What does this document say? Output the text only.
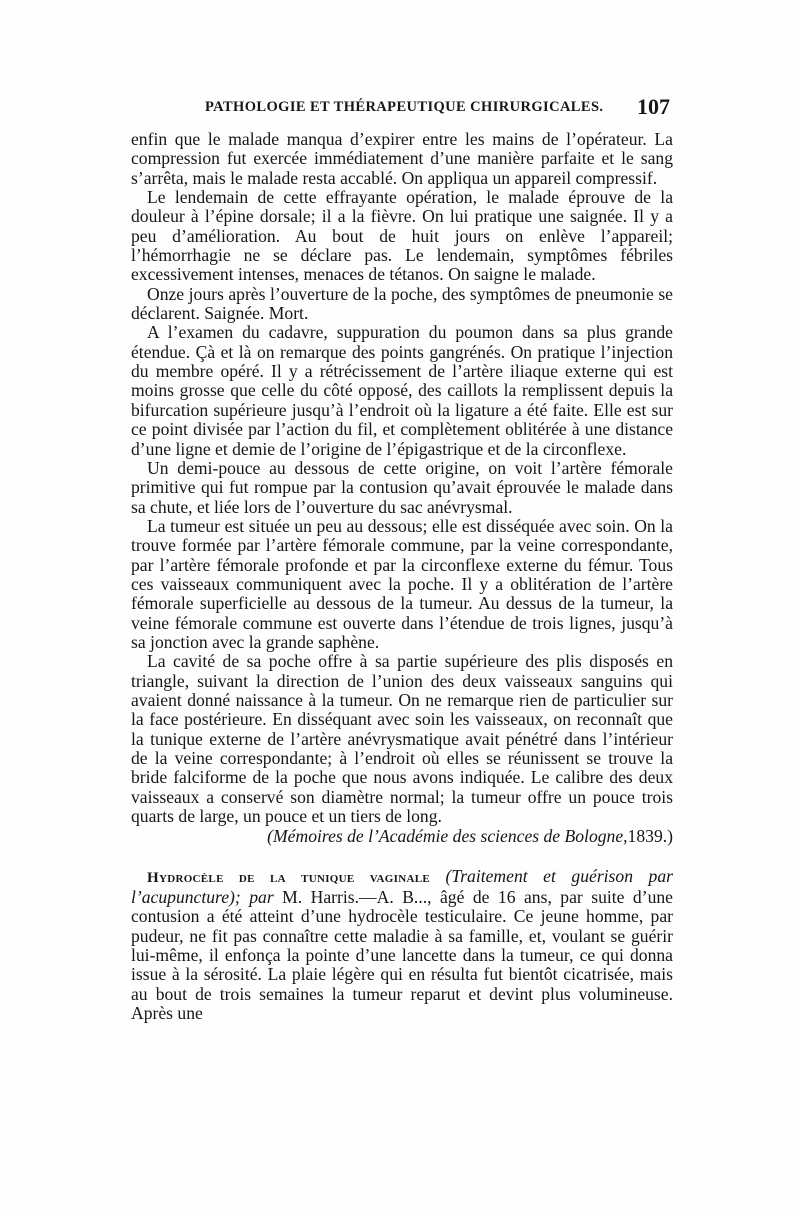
PATHOLOGIE ET THÉRAPEUTIQUE CHIRURGICALES. 107

enfin que le malade manqua d’expirer entre les mains de l’opérateur. La compression fut exercée immédiatement d’une manière parfaite et le sang s’arrêta, mais le malade resta accablé. On appliqua un appareil compressif.

Le lendemain de cette effrayante opération, le malade éprouve de la douleur à l’épine dorsale; il a la fièvre. On lui pratique une saignée. Il y a peu d’amélioration. Au bout de huit jours on enlève l’appareil; l’hémorrhagie ne se déclare pas. Le lendemain, symptômes fébriles excessivement intenses, menaces de tétanos. On saigne le malade.

Onze jours après l’ouverture de la poche, des symptômes de pneumonie se déclarent. Saignée. Mort.

A l’examen du cadavre, suppuration du poumon dans sa plus grande étendue. Çà et là on remarque des points gangrénés. On pratique l’injection du membre opéré. Il y a rétrécissement de l’artère iliaque externe qui est moins grosse que celle du côté opposé, des caillots la remplissent depuis la bifurcation supérieure jusqu’à l’endroit où la ligature a été faite. Elle est sur ce point divisée par l’action du fil, et complètement oblitérée à une distance d’une ligne et demie de l’origine de l’épigastrique et de la circonflexe.

Un demi-pouce au dessous de cette origine, on voit l’artère fémorale primitive qui fut rompue par la contusion qu’avait éprouvée le malade dans sa chute, et liée lors de l’ouverture du sac anévrysmal.

La tumeur est située un peu au dessous; elle est disséquée avec soin. On la trouve formée par l’artère fémorale commune, par la veine correspondante, par l’artère fémorale profonde et par la circonflexe externe du fémur. Tous ces vaisseaux communiquent avec la poche. Il y a oblitération de l’artère fémorale superficielle au dessous de la tumeur. Au dessus de la tumeur, la veine fémorale commune est ouverte dans l’étendue de trois lignes, jusqu’à sa jonction avec la grande saphène.

La cavité de sa poche offre à sa partie supérieure des plis disposés en triangle, suivant la direction de l’union des deux vaisseaux sanguins qui avaient donné naissance à la tumeur. On ne remarque rien de particulier sur la face postérieure. En disséquant avec soin les vaisseaux, on reconnaît que la tunique externe de l’artère anévrysmatique avait pénétré dans l’intérieur de la veine correspondante; à l’endroit où elles se réunissent se trouve la bride falciforme de la poche que nous avons indiquée. Le calibre des deux vaisseaux a conservé son diamètre normal; la tumeur offre un pouce trois quarts de large, un pouce et un tiers de long.

(Mémoires de l’Académie des sciences de Bologne,1839.)

Hydrocèle de la tunique vaginale (Traitement et guérison par l’acupuncture); par M. Harris.—A. B..., âgé de 16 ans, par suite d’une contusion a été atteint d’une hydrocèle testiculaire. Ce jeune homme, par pudeur, ne fit pas connaître cette maladie à sa famille, et, voulant se guérir lui-même, il enfonça la pointe d’une lancette dans la tumeur, ce qui donna issue à la sérosité. La plaie légère qui en résulta fut bientôt cicatrisée, mais au bout de trois semaines la tumeur reparut et devint plus volumineuse. Après une
